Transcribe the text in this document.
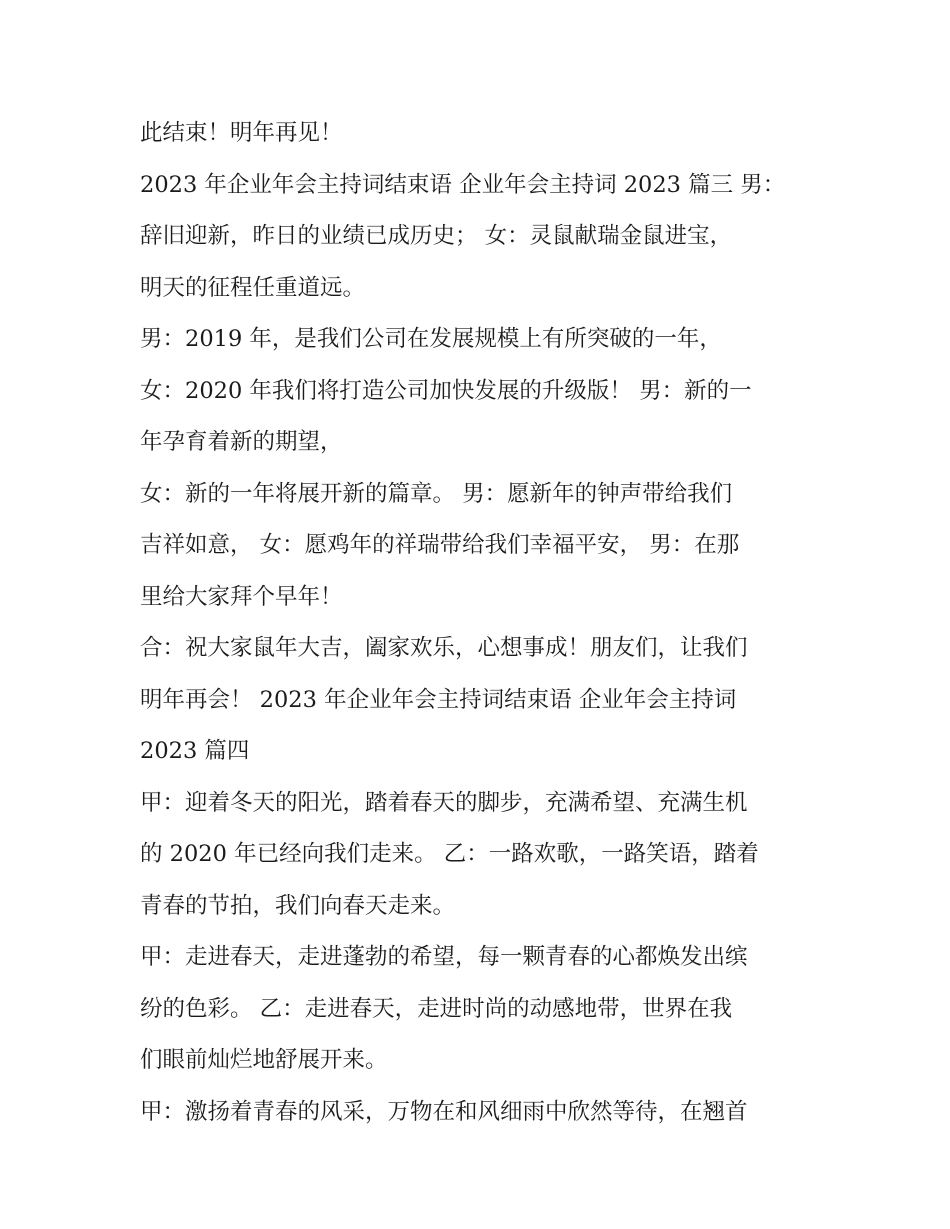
此结束！明年再见！
2023 年企业年会主持词结束语 企业年会主持词 2023 篇三 男：
辞旧迎新，昨日的业绩已成历史； 女：灵鼠献瑞金鼠进宝，
明天的征程任重道远。
男：2019 年，是我们公司在发展规模上有所突破的一年，
女：2020 年我们将打造公司加快发展的升级版！ 男：新的一
年孕育着新的期望，
女：新的一年将展开新的篇章。 男：愿新年的钟声带给我们
吉祥如意， 女：愿鸡年的祥瑞带给我们幸福平安， 男：在那
里给大家拜个早年！
合：祝大家鼠年大吉，阖家欢乐，心想事成！朋友们，让我们
明年再会！ 2023 年企业年会主持词结束语 企业年会主持词
2023 篇四
甲：迎着冬天的阳光，踏着春天的脚步，充满希望、充满生机
的 2020 年已经向我们走来。 乙：一路欢歌，一路笑语，踏着
青春的节拍，我们向春天走来。
甲：走进春天，走进蓬勃的希望，每一颗青春的心都焕发出缤
纷的色彩。 乙：走进春天，走进时尚的动感地带，世界在我
们眼前灿烂地舒展开来。
甲：激扬着青春的风采，万物在和风细雨中欣然等待，在翘首
